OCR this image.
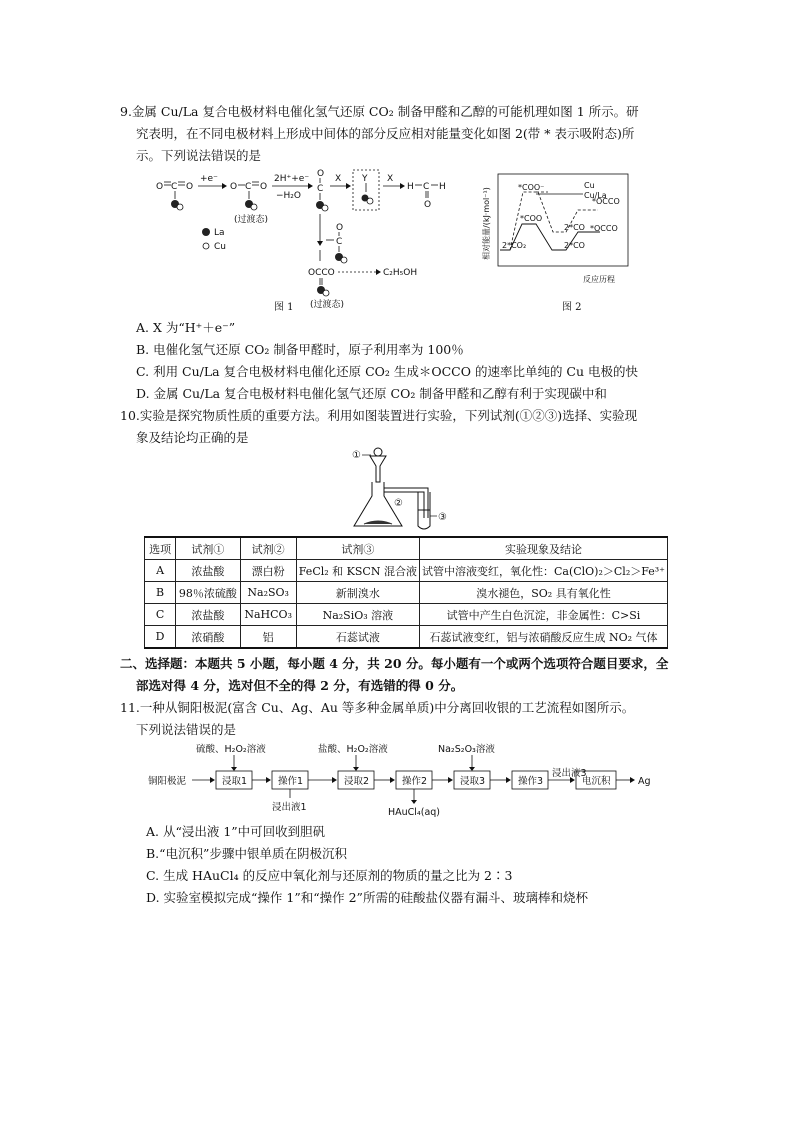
9.金属 Cu/La 复合电极材料电催化氢气还原 CO₂ 制备甲醛和乙醇的可能机理如图 1 所示。研
究表明，在不同电极材料上形成中间体的部分反应相对能量变化如图 2(带 * 表示吸附态)所
示。下列说法错误的是
O C O
+e⁻
O C O
(过渡态)
2H⁺+e⁻
−H₂O
O
C
X Y X
H C H
O
La
Cu
O
C
OCCO
(过渡态)
C₂H₅OH
图 1
相对能量/(kJ·mol⁻¹)
反应历程
2*CO₂
*COO⁻
*COO
2*CO
2*CO
*OCCO
*OCCO
Cu
Cu/La
图 2
A. X 为“H⁺＋e⁻”
B. 电催化氢气还原 CO₂ 制备甲醛时，原子利用率为 100％
C. 利用 Cu/La 复合电极材料电催化还原 CO₂ 生成＊OCCO 的速率比单纯的 Cu 电极的快
D. 金属 Cu/La 复合电极材料电催化氢气还原 CO₂ 制备甲醛和乙醇有利于实现碳中和
10.实验是探究物质性质的重要方法。利用如图装置进行实验，下列试剂(①②③)选择、实验现
象及结论均正确的是
①
②
③
选项	试剂①	试剂②	试剂③	实验现象及结论
A	浓盐酸	漂白粉	FeCl₂ 和 KSCN 混合液	试管中溶液变红，氧化性：Ca(ClO)₂＞Cl₂＞Fe³⁺
B	98％浓硫酸	Na₂SO₃	新制溴水	溴水褪色，SO₂ 具有氧化性
C	浓盐酸	NaHCO₃	Na₂SiO₃ 溶液	试管中产生白色沉淀，非金属性：C>Si
D	浓硝酸	铝	石蕊试液	石蕊试液变红，铝与浓硝酸反应生成 NO₂ 气体
二、选择题：本题共 5 小题，每小题 4 分，共 20 分。每小题有一个或两个选项符合题目要求，全
部选对得 4 分，选对但不全的得 2 分，有选错的得 0 分。
11.一种从铜阳极泥(富含 Cu、Ag、Au 等多种金属单质)中分离回收银的工艺流程如图所示。
下列说法错误的是
铜阳极泥	浸取1
硫酸、H₂O₂溶液
操作1
浸出液1
浸取2
盐酸、H₂O₂溶液
操作2
HAuCl₄(aq)
浸取3
Na₂S₂O₃溶液
操作3
浸出液3
电沉积	Ag
A. 从“浸出液 1”中可回收到胆矾
B.“电沉积”步骤中银单质在阴极沉积
C. 生成 HAuCl₄ 的反应中氧化剂与还原剂的物质的量之比为 2∶3
D. 实验室模拟完成“操作 1”和“操作 2”所需的硅酸盐仪器有漏斗、玻璃棒和烧杯
